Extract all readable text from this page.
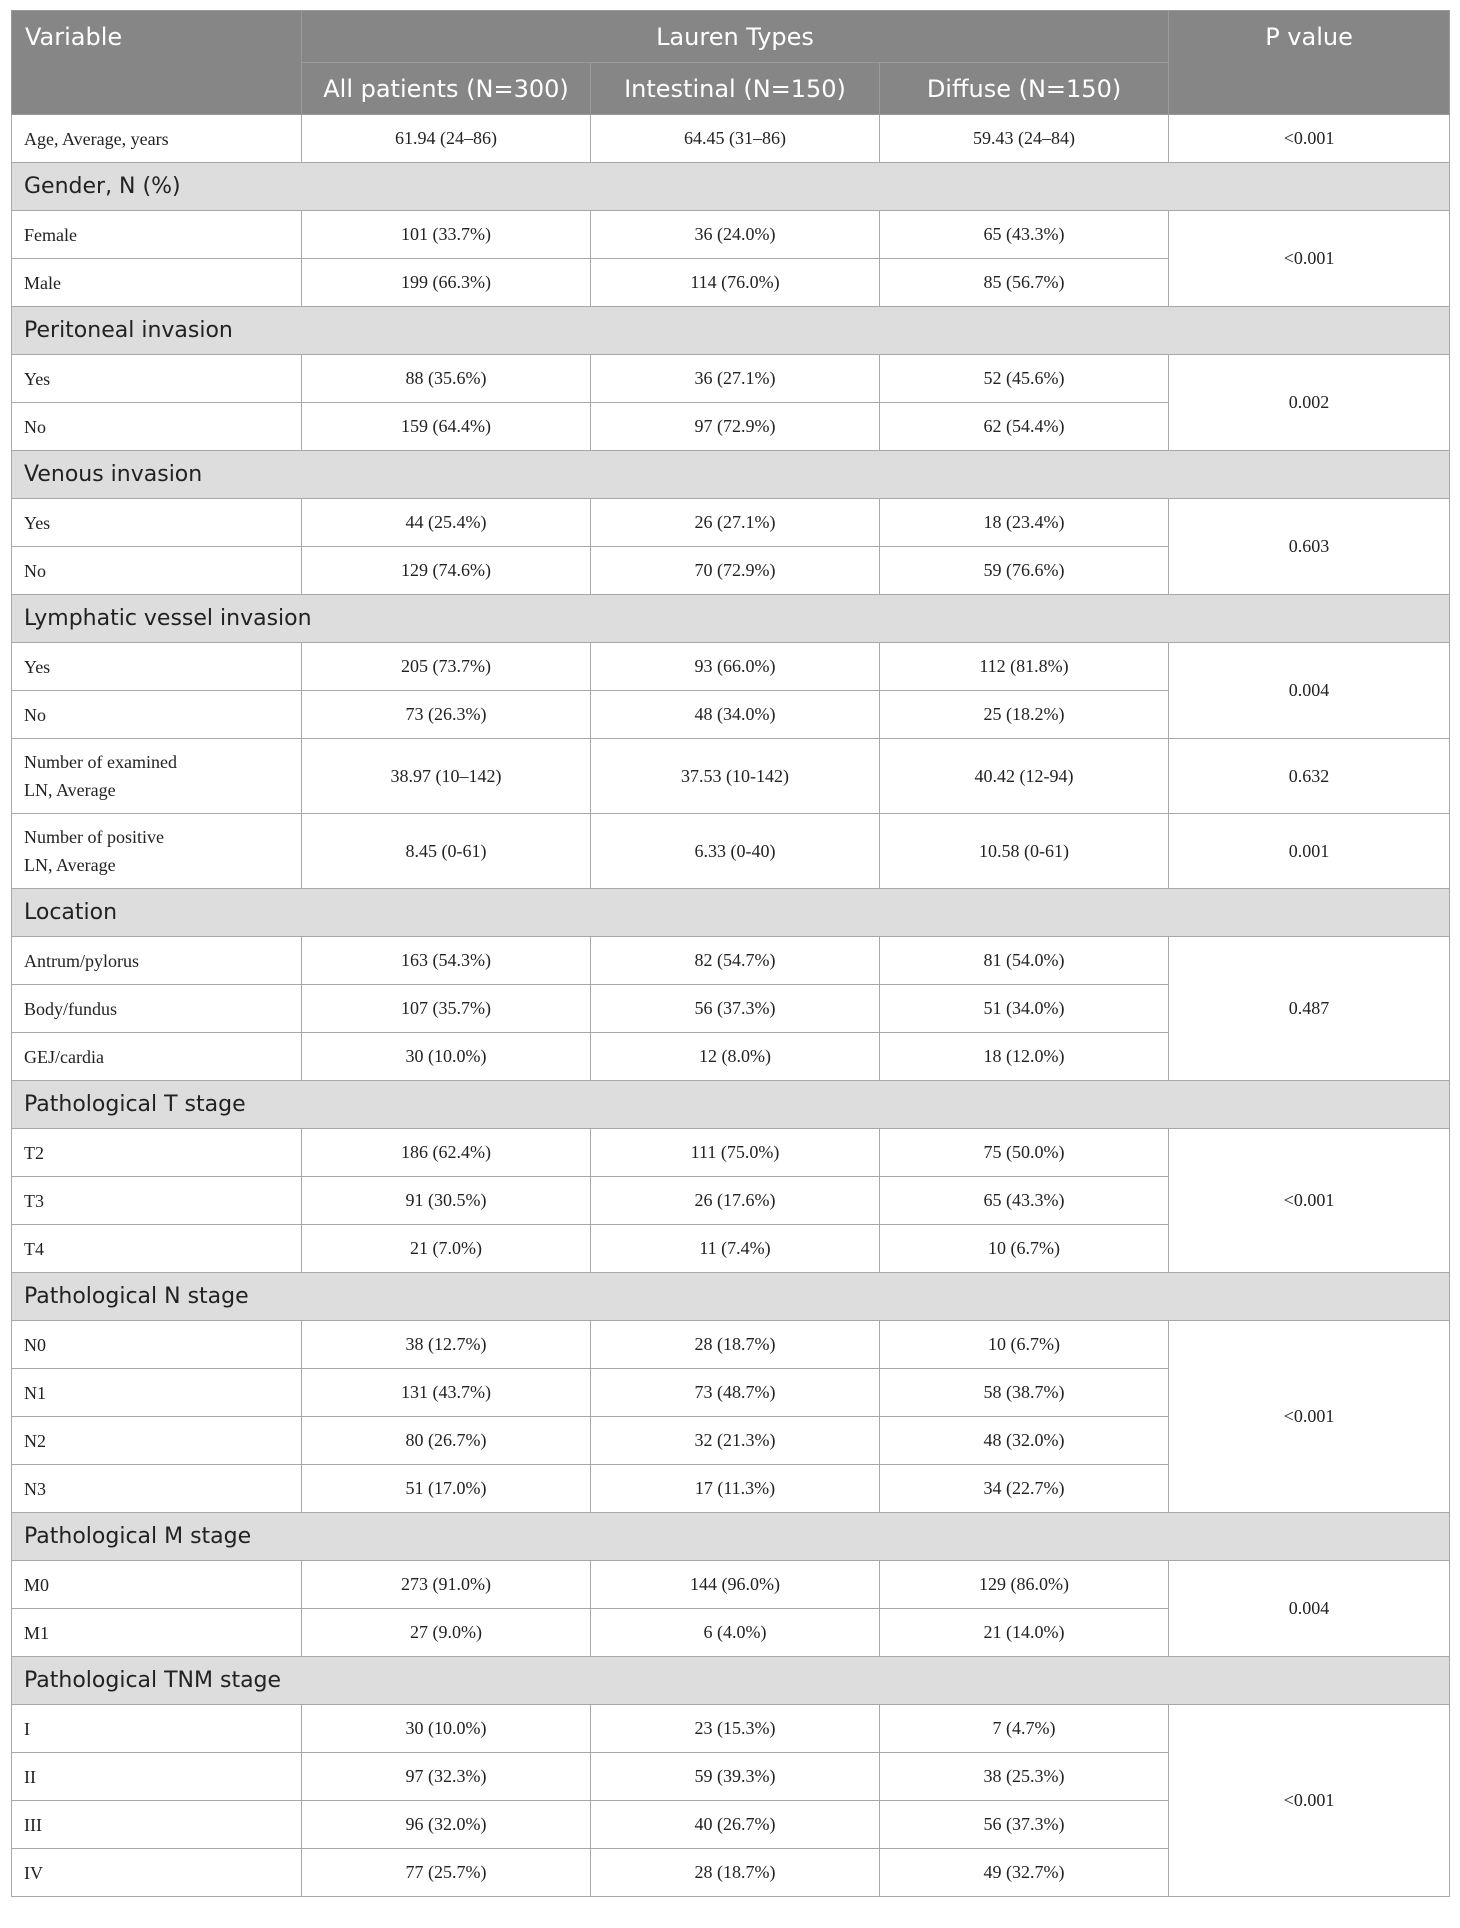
Variable	Lauren Types			P value
	All patients (N=300)	Intestinal (N=150)	Diffuse (N=150)	
Age, Average, years	61.94 (24–86)	64.45 (31–86)	59.43 (24–84)	<0.001
Gender, N (%)				
Female	101 (33.7%)	36 (24.0%)	65 (43.3%)	<0.001
Male	199 (66.3%)	114 (76.0%)	85 (56.7%)	
Peritoneal invasion				
Yes	88 (35.6%)	36 (27.1%)	52 (45.6%)	0.002
No	159 (64.4%)	97 (72.9%)	62 (54.4%)	
Venous invasion				
Yes	44 (25.4%)	26 (27.1%)	18 (23.4%)	0.603
No	129 (74.6%)	70 (72.9%)	59 (76.6%)	
Lymphatic vessel invasion				
Yes	205 (73.7%)	93 (66.0%)	112 (81.8%)	0.004
No	73 (26.3%)	48 (34.0%)	25 (18.2%)	
Number of examined
LN, Average	38.97 (10–142)	37.53 (10-142)	40.42 (12-94)	0.632
Number of positive
LN, Average	8.45 (0-61)	6.33 (0-40)	10.58 (0-61)	0.001
Location				
Antrum/pylorus	163 (54.3%)	82 (54.7%)	81 (54.0%)	0.487
Body/fundus	107 (35.7%)	56 (37.3%)	51 (34.0%)	
GEJ/cardia	30 (10.0%)	12 (8.0%)	18 (12.0%)	
Pathological T stage				
T2	186 (62.4%)	111 (75.0%)	75 (50.0%)	<0.001
T3	91 (30.5%)	26 (17.6%)	65 (43.3%)	
T4	21 (7.0%)	11 (7.4%)	10 (6.7%)	
Pathological N stage				
N0	38 (12.7%)	28 (18.7%)	10 (6.7%)	<0.001
N1	131 (43.7%)	73 (48.7%)	58 (38.7%)	
N2	80 (26.7%)	32 (21.3%)	48 (32.0%)	
N3	51 (17.0%)	17 (11.3%)	34 (22.7%)	
Pathological M stage				
M0	273 (91.0%)	144 (96.0%)	129 (86.0%)	0.004
M1	27 (9.0%)	6 (4.0%)	21 (14.0%)	
Pathological TNM stage				
I	30 (10.0%)	23 (15.3%)	7 (4.7%)	<0.001
II	97 (32.3%)	59 (39.3%)	38 (25.3%)	
III	96 (32.0%)	40 (26.7%)	56 (37.3%)	
IV	77 (25.7%)	28 (18.7%)	49 (32.7%)	
